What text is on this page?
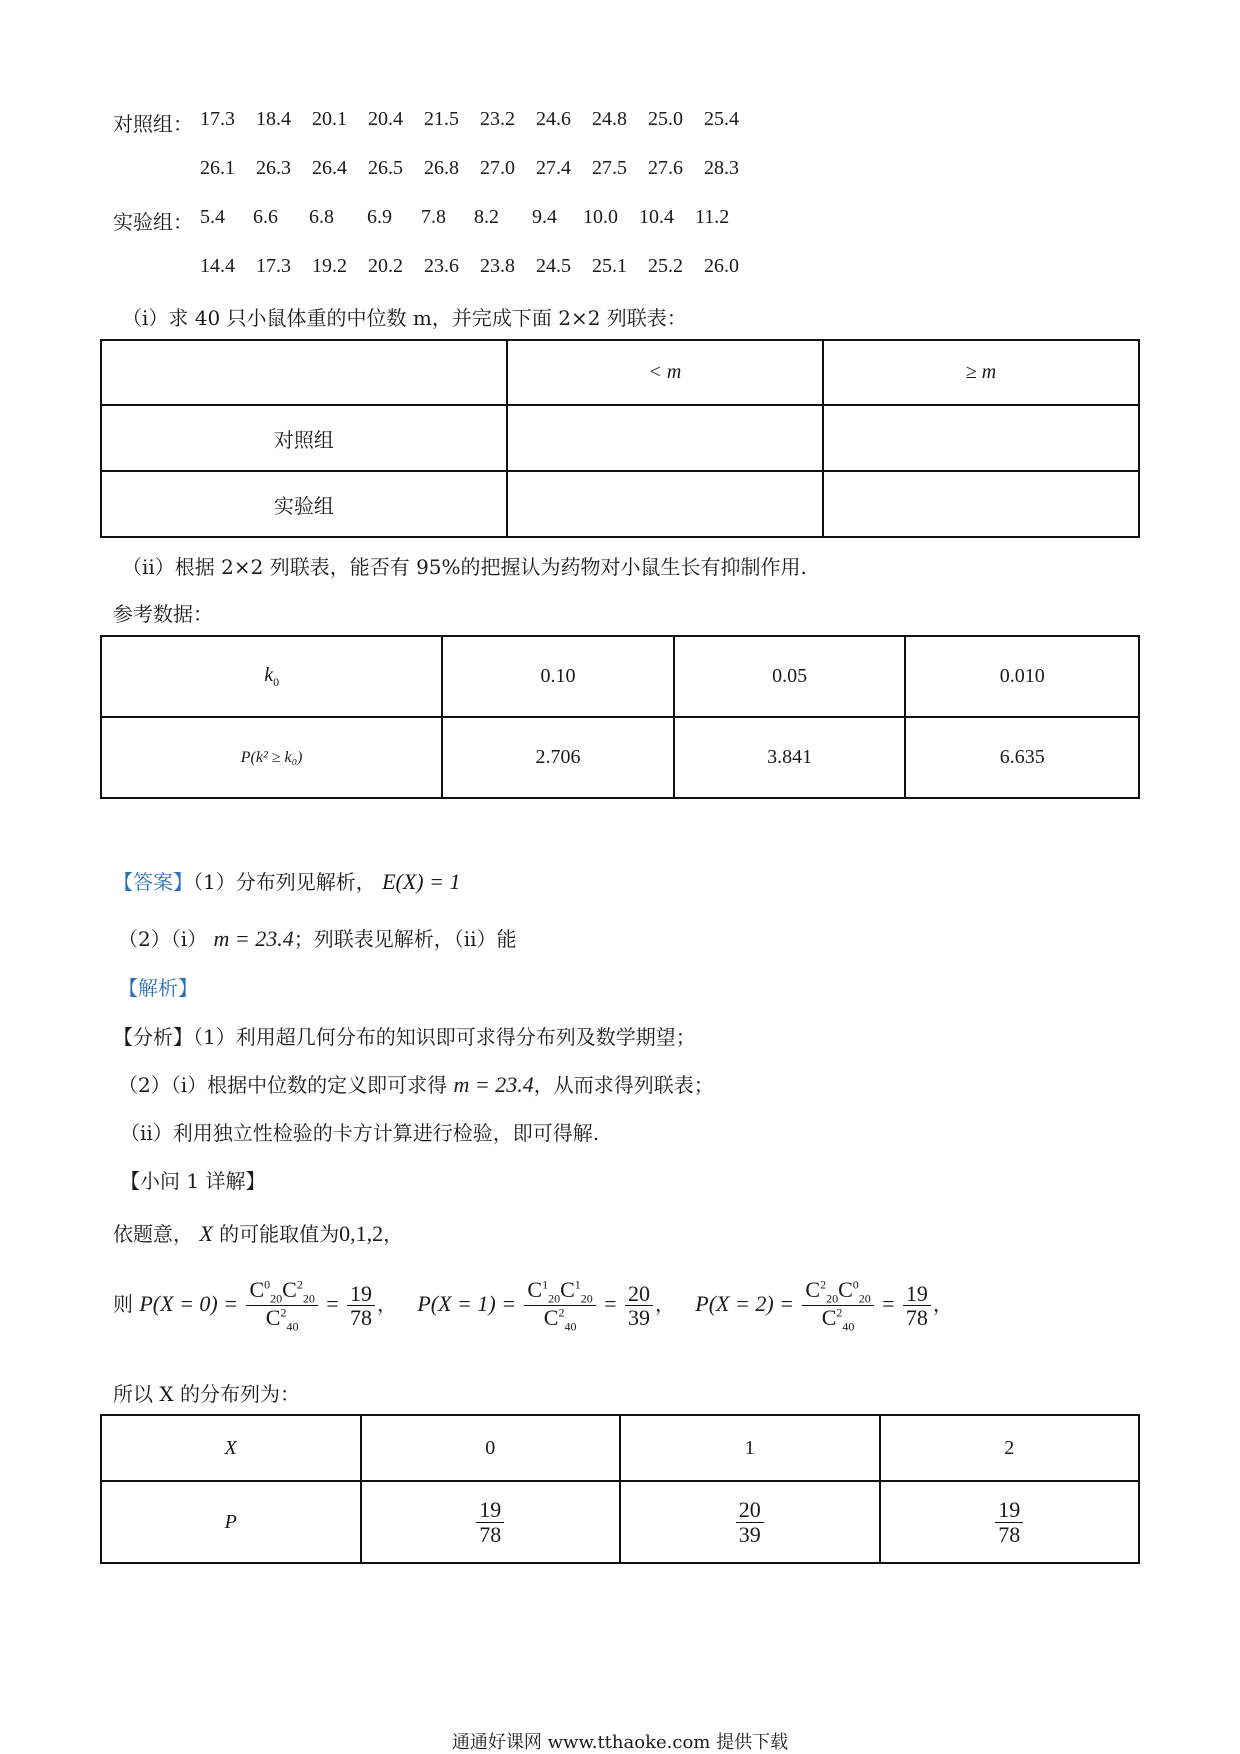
对照组： 17.3 18.4 20.1 20.4 21.5 23.2 24.6 24.8 25.0 25.4
26.1 26.3 26.4 26.5 26.8 27.0 27.4 27.5 27.6 28.3
实验组： 5.4 6.6 6.8 6.9 7.8 8.2 9.4 10.0 10.4 11.2
14.4 17.3 19.2 20.2 23.6 23.8 24.5 25.1 25.2 26.0
（i）求 40 只小鼠体重的中位数 m，并完成下面 2×2 列联表：
	< m	≥ m
对照组		
实验组		
（ii）根据 2×2 列联表，能否有 95%的把握认为药物对小鼠生长有抑制作用.
参考数据：
$k_0$	0.10	0.05	0.010
P(k² ≥ k₀)	2.706	3.841	6.635
【答案】（1）分布列见解析， E(X) = 1
（2）（i） m = 23.4；列联表见解析，（ii）能
【解析】
【分析】（1）利用超几何分布的知识即可求得分布列及数学期望；
（2）（i）根据中位数的定义即可求得 m = 23.4，从而求得列联表；
（ii）利用独立性检验的卡方计算进行检验，即可得解.
【小问 1 详解】
依题意， X 的可能取值为0,1,2，
则 $P(X = 0) = \frac{C^0_{20}C^2_{20}}{C^2_{40}} = \frac{19}{78}$ ， $P(X = 1) = \frac{C^1_{20}C^1_{20}}{C^2_{40}} = \frac{20}{39}$ ， $P(X = 2) = \frac{C^2_{20}C^0_{20}}{C^2_{40}} = \frac{19}{78}$ ，
所以 X 的分布列为：
X	0	1	2
P	$\frac{19}{78}$	$\frac{20}{39}$	$\frac{19}{78}$
通通好课网 www.tthaoke.com 提供下载
